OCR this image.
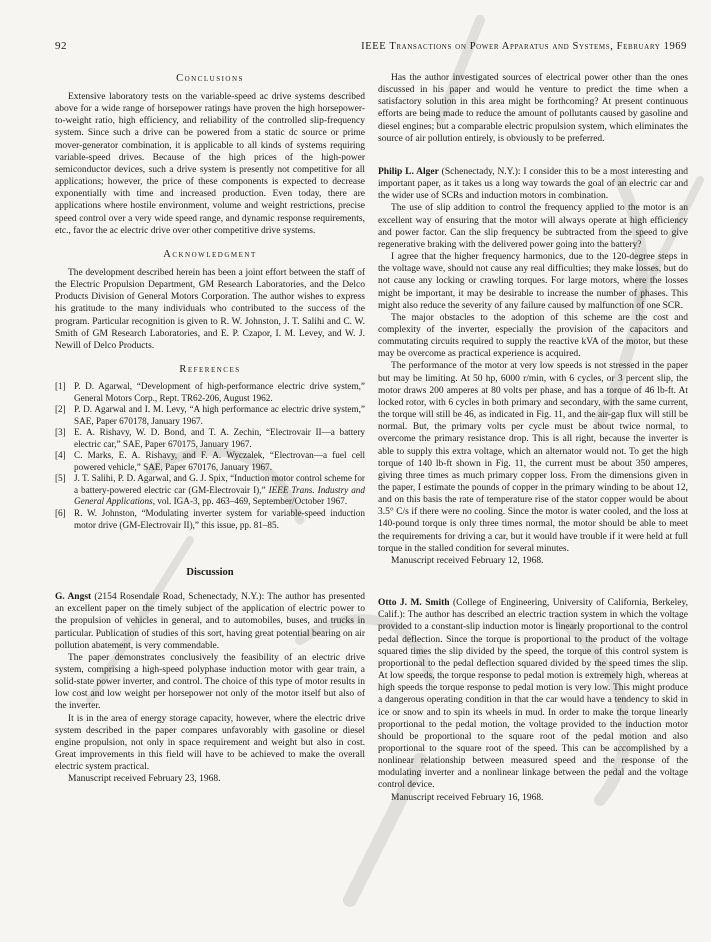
92	IEEE Transactions on Power Apparatus and Systems, February 1969
Conclusions

Extensive laboratory tests on the variable-speed ac drive systems described above for a wide range of horsepower ratings have proven the high horsepower-to-weight ratio, high efficiency, and reliability of the controlled slip-frequency system. Since such a drive can be powered from a static dc source or prime mover-generator combination, it is applicable to all kinds of systems requiring variable-speed drives. Because of the high prices of the high-power semiconductor devices, such a drive system is presently not competitive for all applications; however, the price of these components is expected to decrease exponentially with time and increased production. Even today, there are applications where hostile environment, volume and weight restrictions, precise speed control over a very wide speed range, and dynamic response requirements, etc., favor the ac electric drive over other competitive drive systems.

Acknowledgment

The development described herein has been a joint effort between the staff of the Electric Propulsion Department, GM Research Laboratories, and the Delco Products Division of General Motors Corporation. The author wishes to express his gratitude to the many individuals who contributed to the success of the program. Particular recognition is given to R. W. Johnston, J. T. Salihi and C. W. Smith of GM Research Laboratories, and E. P. Czapor, I. M. Levey, and W. J. Newill of Delco Products.

References
[1] P. D. Agarwal, “Development of high-performance electric drive system,” General Motors Corp., Rept. TR62-206, August 1962.
[2] P. D. Agarwal and I. M. Levy, “A high performance ac electric drive system,” SAE, Paper 670178, January 1967.
[3] E. A. Rishavy, W. D. Bond, and T. A. Zechin, “Electrovair II—a battery electric car,” SAE, Paper 670175, January 1967.
[4] C. Marks, E. A. Rishavy, and F. A. Wyczalek, “Electrovan—a fuel cell powered vehicle,” SAE, Paper 670176, January 1967.
[5] J. T. Salihi, P. D. Agarwal, and G. J. Spix, “Induction motor control scheme for a battery-powered electric car (GM-Electrovair I),” IEEE Trans. Industry and General Applications, vol. IGA-3, pp. 463–469, September/October 1967.
[6] R. W. Johnston, “Modulating inverter system for variable-speed induction motor drive (GM-Electrovair II),” this issue, pp. 81–85.
Discussion

G. Angst (2154 Rosendale Road, Schenectady, N.Y.): The author has presented an excellent paper on the timely subject of the application of electric power to the propulsion of vehicles in general, and to automobiles, buses, and trucks in particular. Publication of studies of this sort, having great potential bearing on air pollution abatement, is very commendable.

The paper demonstrates conclusively the feasibility of an electric drive system, comprising a high-speed polyphase induction motor with gear train, a solid-state power inverter, and control. The choice of this type of motor results in low cost and low weight per horsepower not only of the motor itself but also of the inverter.

It is in the area of energy storage capacity, however, where the electric drive system described in the paper compares unfavorably with gasoline or diesel engine propulsion, not only in space requirement and weight but also in cost. Great improvements in this field will have to be achieved to make the overall electric system practical.

Manuscript received February 23, 1968.

Has the author investigated sources of electrical power other than the ones discussed in his paper and would he venture to predict the time when a satisfactory solution in this area might be forthcoming? At present continuous efforts are being made to reduce the amount of pollutants caused by gasoline and diesel engines; but a comparable electric propulsion system, which eliminates the source of air pollution entirely, is obviously to be preferred.

Philip L. Alger (Schenectady, N.Y.): I consider this to be a most interesting and important paper, as it takes us a long way towards the goal of an electric car and the wider use of SCRs and induction motors in combination.

The use of slip addition to control the frequency applied to the motor is an excellent way of ensuring that the motor will always operate at high efficiency and power factor. Can the slip frequency be subtracted from the speed to give regenerative braking with the delivered power going into the battery?

I agree that the higher frequency harmonics, due to the 120-degree steps in the voltage wave, should not cause any real difficulties; they make losses, but do not cause any locking or crawling torques. For large motors, where the losses might be important, it may be desirable to increase the number of phases. This might also reduce the severity of any failure caused by malfunction of one SCR.

The major obstacles to the adoption of this scheme are the cost and complexity of the inverter, especially the provision of the capacitors and commutating circuits required to supply the reactive kVA of the motor, but these may be overcome as practical experience is acquired.

The performance of the motor at very low speeds is not stressed in the paper but may be limiting. At 50 hp, 6000 r/min, with 6 cycles, or 3 percent slip, the motor draws 200 amperes at 80 volts per phase, and has a torque of 46 lb-ft. At locked rotor, with 6 cycles in both primary and secondary, with the same current, the torque will still be 46, as indicated in Fig. 11, and the air-gap flux will still be normal. But, the primary volts per cycle must be about twice normal, to overcome the primary resistance drop. This is all right, because the inverter is able to supply this extra voltage, which an alternator would not. To get the high torque of 140 lb-ft shown in Fig. 11, the current must be about 350 amperes, giving three times as much primary copper loss. From the dimensions given in the paper, I estimate the pounds of copper in the primary winding to be about 12, and on this basis the rate of temperature rise of the stator copper would be about 3.5° C/s if there were no cooling. Since the motor is water cooled, and the loss at 140-pound torque is only three times normal, the motor should be able to meet the requirements for driving a car, but it would have trouble if it were held at full torque in the stalled condition for several minutes.

Manuscript received February 12, 1968.

Otto J. M. Smith (College of Engineering, University of California, Berkeley, Calif.): The author has described an electric traction system in which the voltage provided to a constant-slip induction motor is linearly proportional to the control pedal deflection. Since the torque is proportional to the product of the voltage squared times the slip divided by the speed, the torque of this control system is proportional to the pedal deflection squared divided by the speed times the slip. At low speeds, the torque response to pedal motion is extremely high, whereas at high speeds the torque response to pedal motion is very low. This might produce a dangerous operating condition in that the car would have a tendency to skid in ice or snow and to spin its wheels in mud. In order to make the torque linearly proportional to the pedal motion, the voltage provided to the induction motor should be proportional to the square root of the pedal motion and also proportional to the square root of the speed. This can be accomplished by a nonlinear relationship between measured speed and the response of the modulating inverter and a nonlinear linkage between the pedal and the voltage control device.

Manuscript received February 16, 1968.
